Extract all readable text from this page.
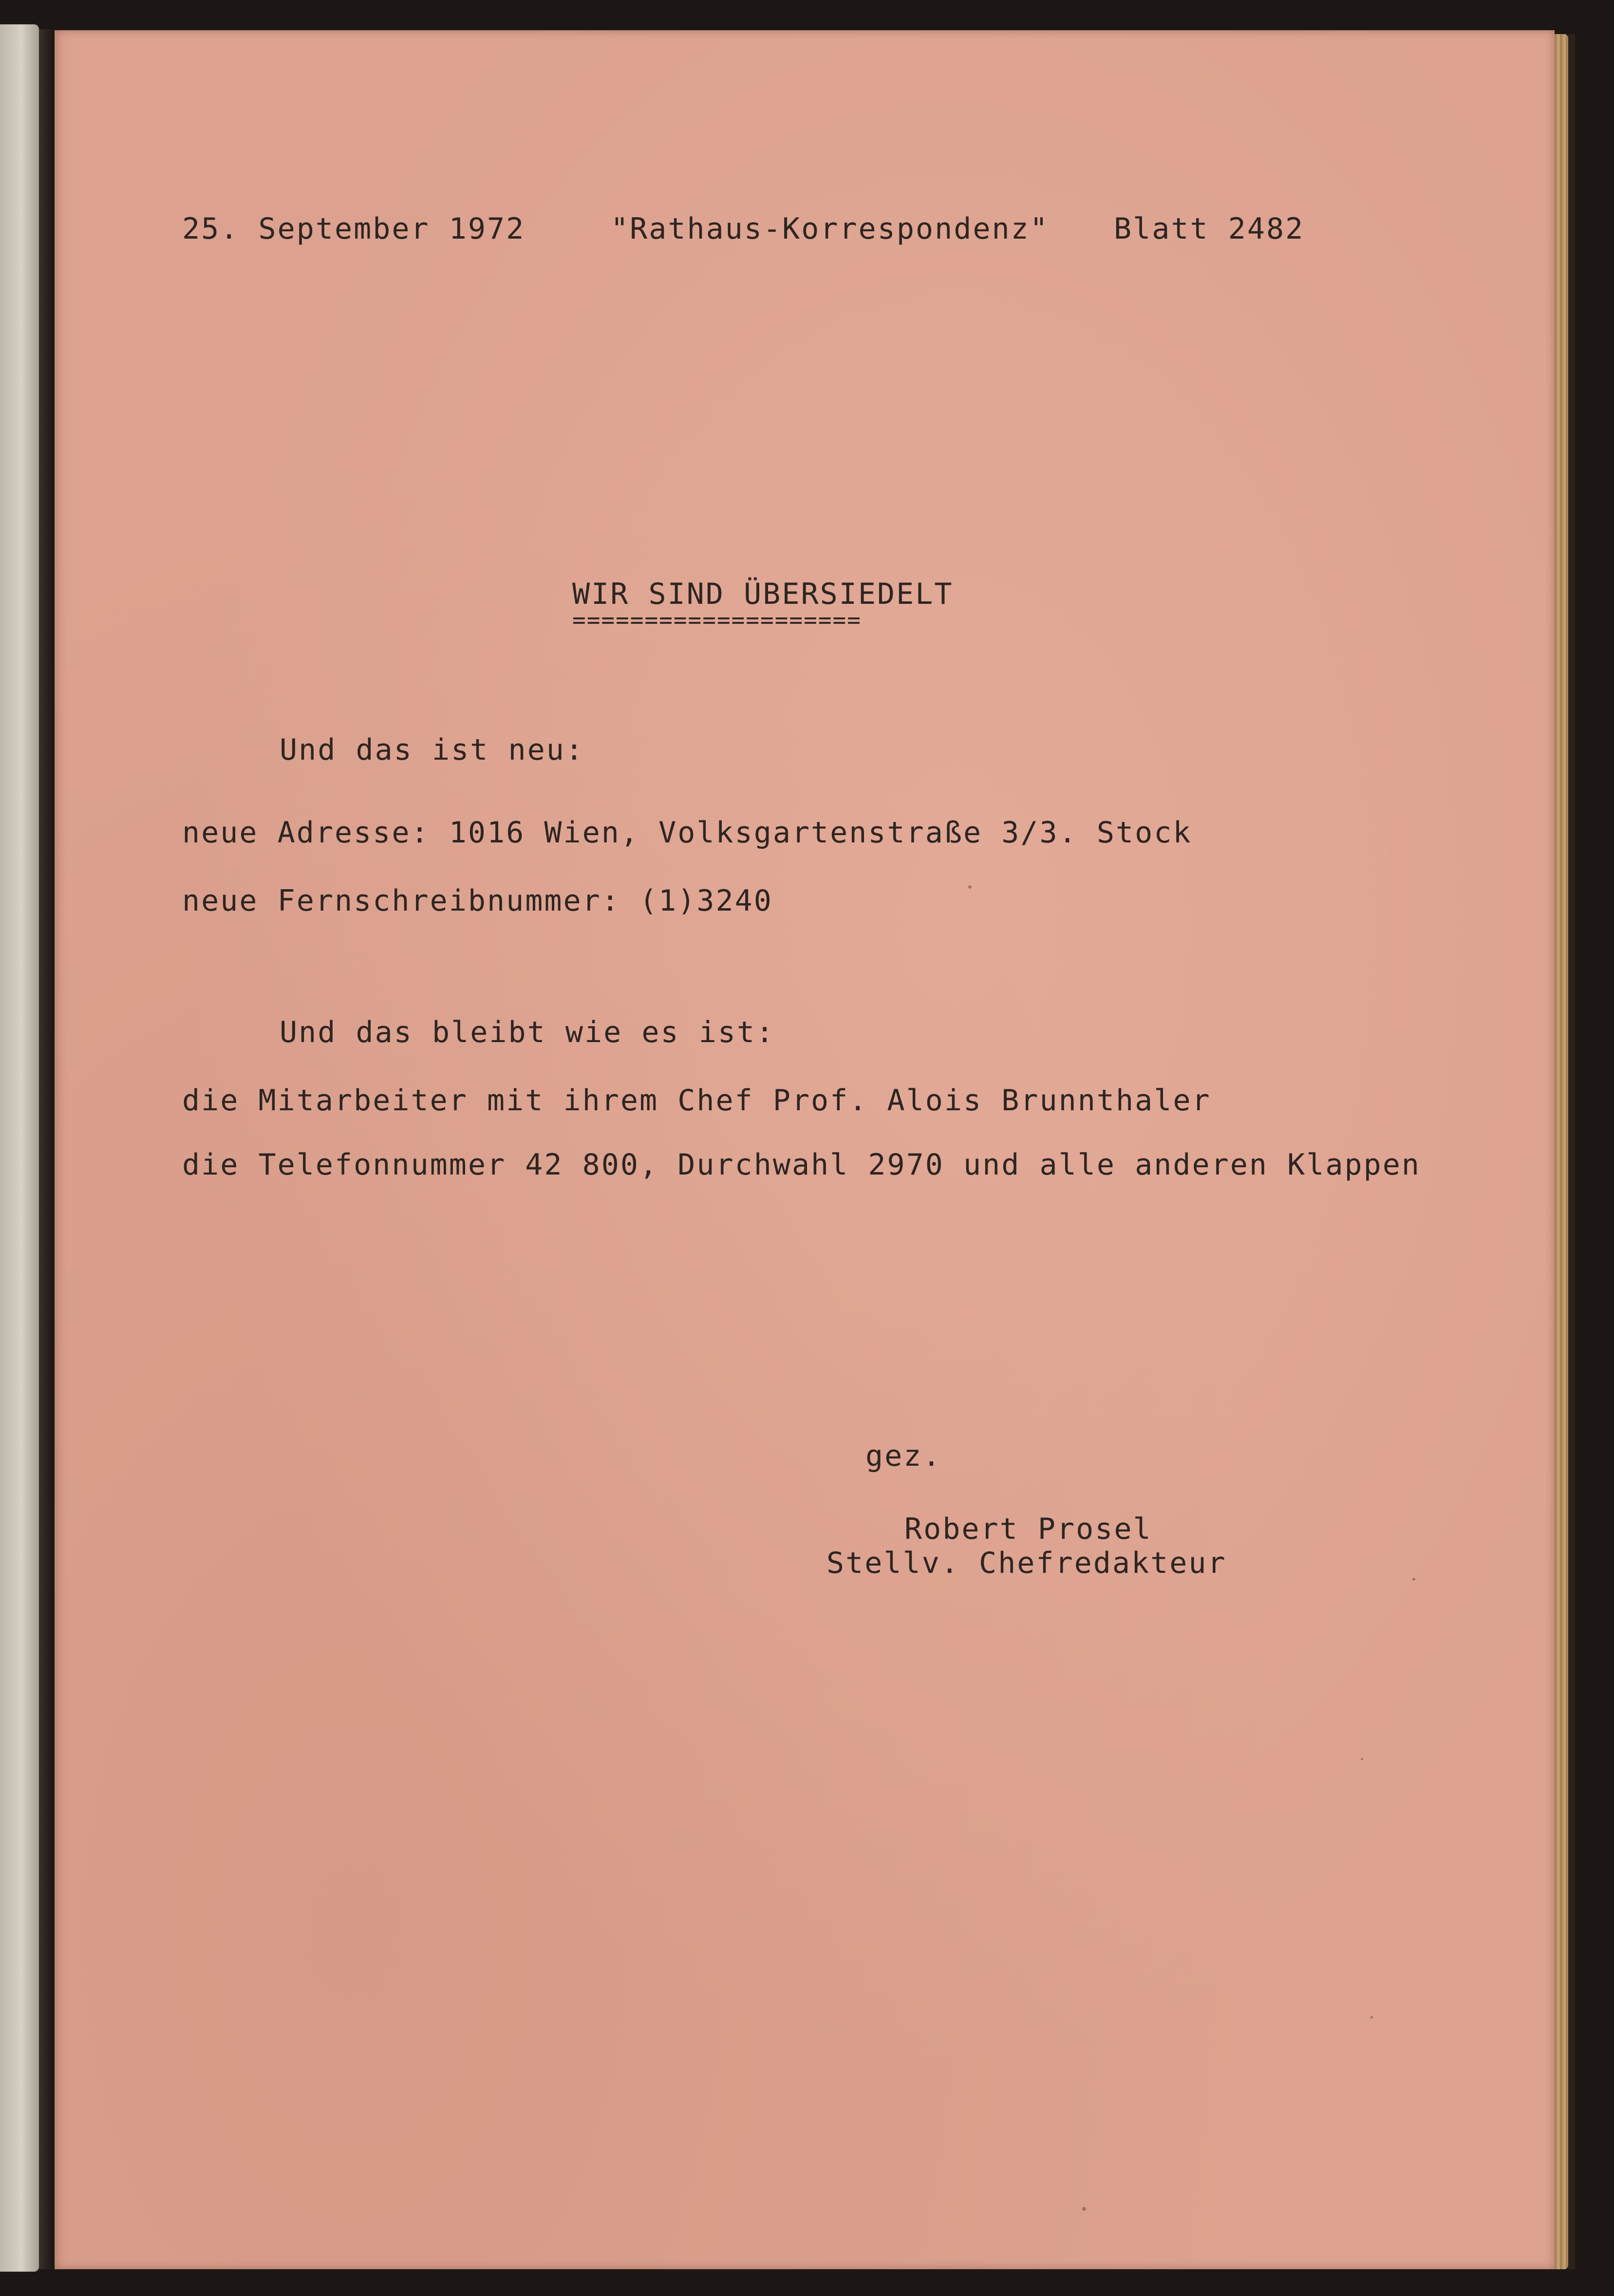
25. September 1972	"Rathaus-Korrespondenz" Blatt 2482
WIR SIND ÜBERSIEDELT
====================
Und das ist neu:
neue Adresse: 1016 Wien, Volksgartenstraße 3/3. Stock
neue Fernschreibnummer: (1)3240
Und das bleibt wie es ist:
die Mitarbeiter mit ihrem Chef Prof. Alois Brunnthaler
die Telefonnummer 42 800, Durchwahl 2970 und alle anderen Klappen
gez.
Robert Prosel
Stellv. Chefredakteur
